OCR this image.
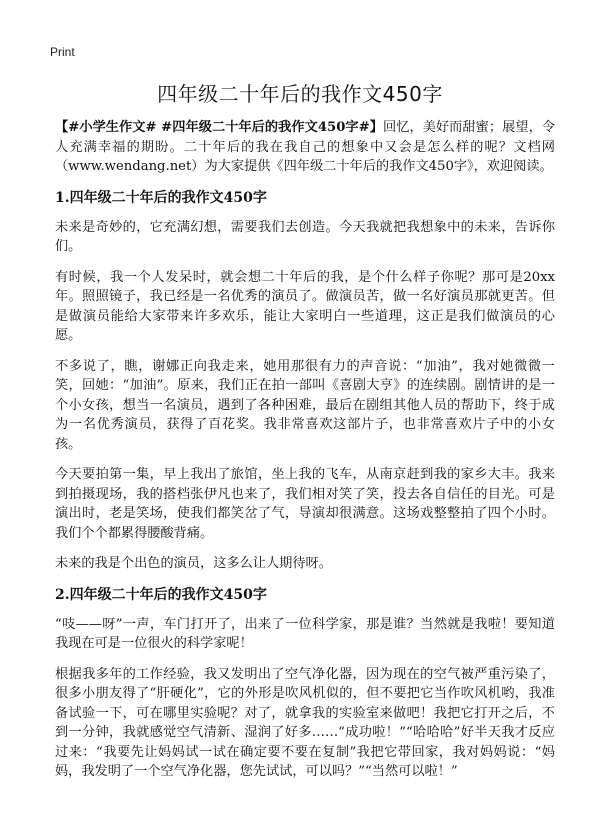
Print
四年级二十年后的我作文450字

【#小学生作文# #四年级二十年后的我作文450字#】回忆，美好而甜蜜；展望，令人充满幸福的期盼。二十年后的我在我自己的想象中又会是怎么样的呢？文档网（www.wendang.net）为大家提供《四年级二十年后的我作文450字》，欢迎阅读。

1.四年级二十年后的我作文450字

未来是奇妙的，它充满幻想，需要我们去创造。今天我就把我想象中的未来，告诉你们。

有时候，我一个人发呆时，就会想二十年后的我，是个什么样子你呢？那可是20xx年。照照镜子，我已经是一名优秀的演员了。做演员苦，做一名好演员那就更苦。但是做演员能给大家带来许多欢乐，能让大家明白一些道理，这正是我们做演员的心愿。

不多说了，瞧，谢娜正向我走来，她用那很有力的声音说：“加油”，我对她微微一笑，回她：“加油”。原来，我们正在拍一部叫《喜剧大亨》的连续剧。剧情讲的是一个小女孩，想当一名演员，遇到了各种困难，最后在剧组其他人员的帮助下，终于成为一名优秀演员，获得了百花奖。我非常喜欢这部片子，也非常喜欢片子中的小女孩。

今天要拍第一集，早上我出了旅馆，坐上我的飞车，从南京赶到我的家乡大丰。我来到拍摄现场，我的搭档张伊凡也来了，我们相对笑了笑，投去各自信任的目光。可是演出时，老是笑场，使我们都笑岔了气，导演却很满意。这场戏整整拍了四个小时。我们个个都累得腰酸背痛。

未来的我是个出色的演员，这多么让人期待呀。

2.四年级二十年后的我作文450字

“吱——呀”一声，车门打开了，出来了一位科学家，那是谁？当然就是我啦！要知道我现在可是一位很火的科学家呢！

根据我多年的工作经验，我又发明出了空气净化器，因为现在的空气被严重污染了，很多小朋友得了“肝硬化”，它的外形是吹风机似的，但不要把它当作吹风机哟，我准备试验一下，可在哪里实验呢？对了，就拿我的实验室来做吧！我把它打开之后，不到一分钟，我就感觉空气清新、湿润了好多……“成功啦！”“哈哈哈”好半天我才反应过来：“我要先让妈妈试一试在确定要不要在复制”我把它带回家，我对妈妈说：“妈妈，我发明了一个空气净化器，您先试试，可以吗？”“当然可以啦！”
